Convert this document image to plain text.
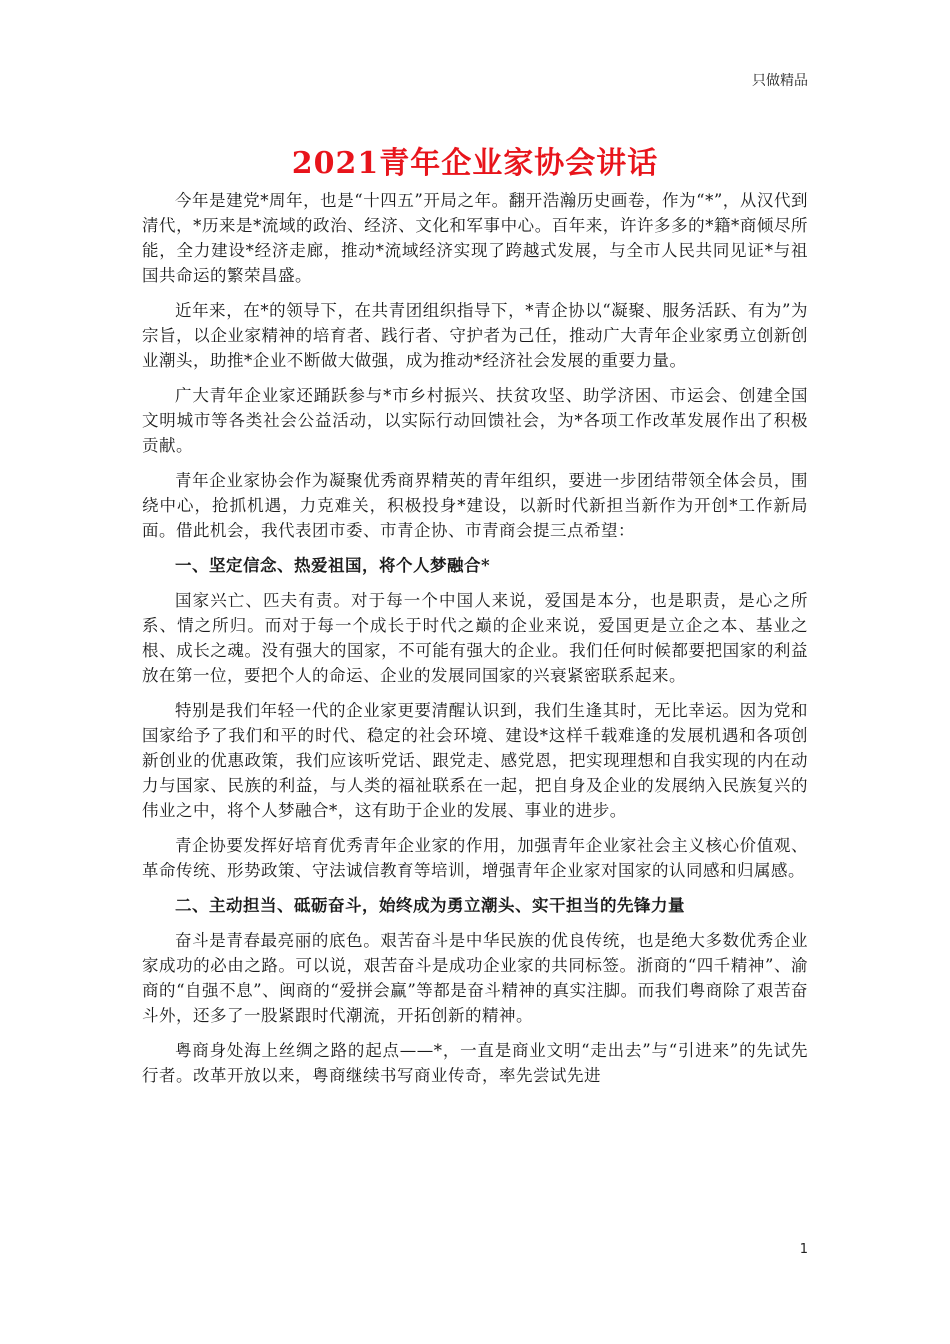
只做精品
2021青年企业家协会讲话

今年是建党*周年，也是“十四五”开局之年。翻开浩瀚历史画卷，作为“*”，从汉代到清代，*历来是*流域的政治、经济、文化和军事中心。百年来，许许多多的*籍*商倾尽所能，全力建设*经济走廊，推动*流域经济实现了跨越式发展，与全市人民共同见证*与祖国共命运的繁荣昌盛。

近年来，在*的领导下，在共青团组织指导下，*青企协以“凝聚、服务活跃、有为”为宗旨，以企业家精神的培育者、践行者、守护者为己任，推动广大青年企业家勇立创新创业潮头，助推*企业不断做大做强，成为推动*经济社会发展的重要力量。

广大青年企业家还踊跃参与*市乡村振兴、扶贫攻坚、助学济困、市运会、创建全国文明城市等各类社会公益活动，以实际行动回馈社会，为*各项工作改革发展作出了积极贡献。

青年企业家协会作为凝聚优秀商界精英的青年组织，要进一步团结带领全体会员，围绕中心，抢抓机遇，力克难关，积极投身*建设，以新时代新担当新作为开创*工作新局面。借此机会，我代表团市委、市青企协、市青商会提三点希望：

一、坚定信念、热爱祖国，将个人梦融合*

国家兴亡、匹夫有责。对于每一个中国人来说，爱国是本分，也是职责，是心之所系、情之所归。而对于每一个成长于时代之巅的企业来说，爱国更是立企之本、基业之根、成长之魂。没有强大的国家，不可能有强大的企业。我们任何时候都要把国家的利益放在第一位，要把个人的命运、企业的发展同国家的兴衰紧密联系起来。

特别是我们年轻一代的企业家更要清醒认识到，我们生逢其时，无比幸运。因为党和国家给予了我们和平的时代、稳定的社会环境、建设*这样千载难逢的发展机遇和各项创新创业的优惠政策，我们应该听党话、跟党走、感党恩，把实现理想和自我实现的内在动力与国家、民族的利益，与人类的福祉联系在一起，把自身及企业的发展纳入民族复兴的伟业之中，将个人梦融合*，这有助于企业的发展、事业的进步。

青企协要发挥好培育优秀青年企业家的作用，加强青年企业家社会主义核心价值观、革命传统、形势政策、守法诚信教育等培训，增强青年企业家对国家的认同感和归属感。

二、主动担当、砥砺奋斗，始终成为勇立潮头、实干担当的先锋力量

奋斗是青春最亮丽的底色。艰苦奋斗是中华民族的优良传统，也是绝大多数优秀企业家成功的必由之路。可以说，艰苦奋斗是成功企业家的共同标签。浙商的“四千精神”、渝商的“自强不息”、闽商的“爱拼会赢”等都是奋斗精神的真实注脚。而我们粤商除了艰苦奋斗外，还多了一股紧跟时代潮流，开拓创新的精神。

粤商身处海上丝绸之路的起点——*，一直是商业文明“走出去”与“引进来”的先试先行者。改革开放以来，粤商继续书写商业传奇，率先尝试先进

1
